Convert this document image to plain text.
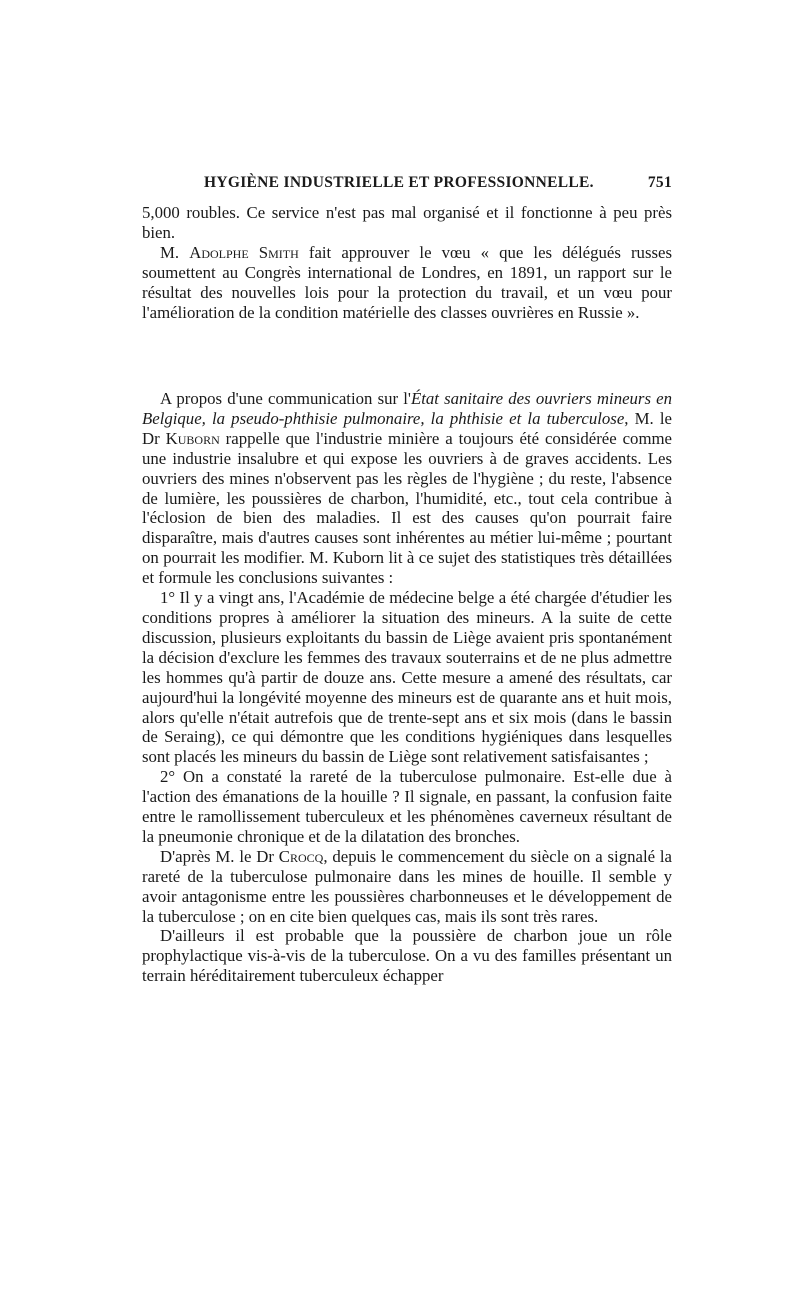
HYGIÈNE INDUSTRIELLE ET PROFESSIONNELLE.	751

5,000 roubles. Ce service n'est pas mal organisé et il fonctionne à peu près bien.

M. Adolphe Smith fait approuver le vœu « que les délégués russes soumettent au Congrès international de Londres, en 1891, un rapport sur le résultat des nouvelles lois pour la protection du travail, et un vœu pour l'amélioration de la condition matérielle des classes ouvrières en Russie ».

A propos d'une communication sur l'État sanitaire des ouvriers mineurs en Belgique, la pseudo-phthisie pulmonaire, la phthisie et la tuberculose, M. le Dr Kuborn rappelle que l'industrie minière a toujours été considérée comme une industrie insalubre et qui expose les ouvriers à de graves accidents. Les ouvriers des mines n'observent pas les règles de l'hygiène ; du reste, l'absence de lumière, les poussières de charbon, l'humidité, etc., tout cela contribue à l'éclosion de bien des maladies. Il est des causes qu'on pourrait faire disparaître, mais d'autres causes sont inhérentes au métier lui-même ; pourtant on pourrait les modifier. M. Kuborn lit à ce sujet des statistiques très détaillées et formule les conclusions suivantes :

1° Il y a vingt ans, l'Académie de médecine belge a été chargée d'étudier les conditions propres à améliorer la situation des mineurs. A la suite de cette discussion, plusieurs exploitants du bassin de Liège avaient pris spontanément la décision d'exclure les femmes des travaux souterrains et de ne plus admettre les hommes qu'à partir de douze ans. Cette mesure a amené des résultats, car aujourd'hui la longévité moyenne des mineurs est de quarante ans et huit mois, alors qu'elle n'était autrefois que de trente-sept ans et six mois (dans le bassin de Seraing), ce qui démontre que les conditions hygiéniques dans lesquelles sont placés les mineurs du bassin de Liège sont relativement satisfaisantes ;

2° On a constaté la rareté de la tuberculose pulmonaire. Est-elle due à l'action des émanations de la houille ? Il signale, en passant, la confusion faite entre le ramollissement tuberculeux et les phénomènes caverneux résultant de la pneumonie chronique et de la dilatation des bronches.

D'après M. le Dr Crocq, depuis le commencement du siècle on a signalé la rareté de la tuberculose pulmonaire dans les mines de houille. Il semble y avoir antagonisme entre les poussières charbonneuses et le développement de la tuberculose ; on en cite bien quelques cas, mais ils sont très rares.

D'ailleurs il est probable que la poussière de charbon joue un rôle prophylactique vis-à-vis de la tuberculose. On a vu des familles présentant un terrain héréditairement tuberculeux échapper
